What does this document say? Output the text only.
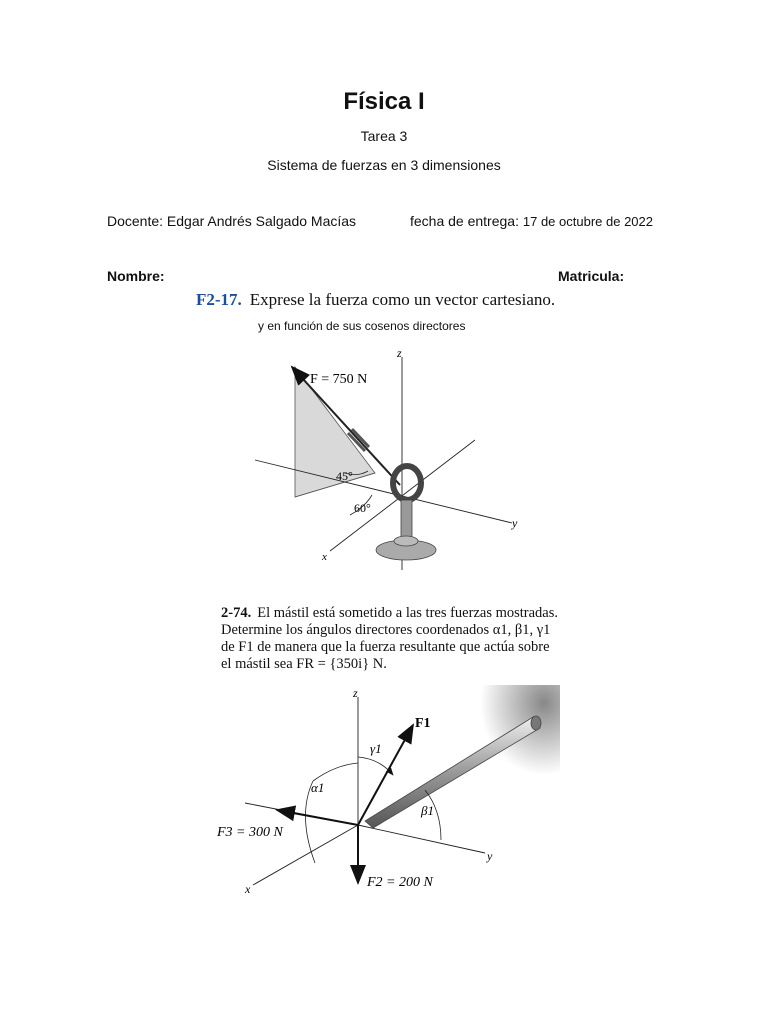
Física I
Tarea 3
Sistema de fuerzas en 3 dimensiones
Docente: Edgar Andrés Salgado Macías	fecha de entrega: 17 de octubre de 2022
Nombre:	Matricula:
F2-17. Exprese la fuerza como un vector cartesiano.
y en función de sus cosenos directores
F = 750 N
45°
60°
z
y
x
2-74. El mástil está sometido a las tres fuerzas mostradas. Determine los ángulos directores coordenados α1, β1, γ1 de F1 de manera que la fuerza resultante que actúa sobre el mástil sea FR = {350i} N.
F1
F2 = 200 N
F3 = 300 N
γ1
α1
β1
z
y
x
